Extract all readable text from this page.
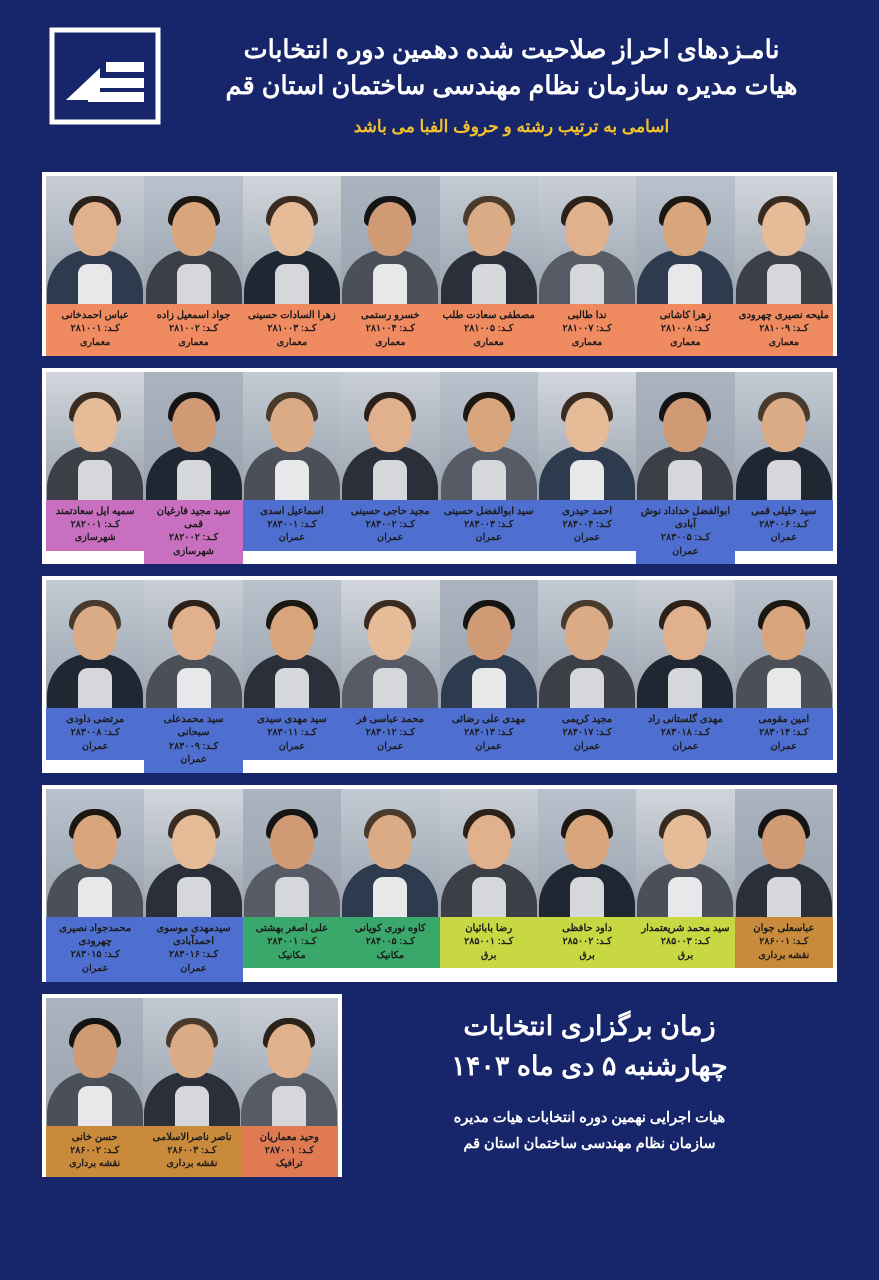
نامـزدهای احراز صلاحیت شده دهمین دوره انتخابات
هیات مدیره سازمان نظام مهندسی ساختمان استان قم
اسامی به ترتیب رشته و حروف الفبا می باشد
عباس احمدخانی
کـد: ۲۸۱۰۰۱
معماری
جواد اسمعیل زاده
کـد: ۲۸۱۰۰۲
معماری
زهرا السادات حسینی
کـد: ۲۸۱۰۰۳
معماری
خسرو رستمی
کـد: ۲۸۱۰۰۴
معماری
مصطفی سعادت طلب
کـد: ۲۸۱۰۰۵
معماری
ندا طالبی
کـد: ۲۸۱۰۰۷
معماری
زهرا کاشانی
کـد: ۲۸۱۰۰۸
معماری
ملیحه نصیری چهرودی
کـد: ۲۸۱۰۰۹
معماری
سمیه ایل سعادتمند
کـد: ۲۸۲۰۰۱
شهرسازی
سید مجید فارغیان قمی
کـد: ۲۸۲۰۰۲
شهرسازی
اسماعیل اسدی
کـد: ۲۸۳۰۰۱
عمران
مجید حاجی حسینی
کـد: ۲۸۳۰۰۲
عمران
سید ابوالفضل حسینی
کـد: ۲۸۳۰۰۳
عمران
احمد حیدری
کـد: ۲۸۳۰۰۴
عمران
ابوالفضل خداداد نوش آبادی
کـد: ۲۸۳۰۰۵
عمران
سید خلیلی قمی
کـد: ۲۸۳۰۰۶
عمران
مرتضی داودی
کـد: ۲۸۳۰۰۸
عمران
سید محمدعلی سبحانی
کـد: ۲۸۳۰۰۹
عمران
سید مهدی سیدی
کـد: ۲۸۳۰۱۱
عمران
محمد عباسی فر
کـد: ۲۸۳۰۱۲
عمران
مهدی علی رضائی
کـد: ۲۸۳۰۱۳
عمران
مجید کریمی
کـد: ۲۸۳۰۱۷
عمران
مهدی گلستانی راد
کـد: ۲۸۳۰۱۸
عمران
امین مقومی
کـد: ۲۸۳۰۱۴
عمران
محمدجواد نصیری چهرودی
کـد: ۲۸۳۰۱۵
عمران
سیدمهدی موسوی احمدآبادی
کـد: ۲۸۳۰۱۶
عمران
علی اصغر بهشتی
کـد: ۲۸۴۰۰۱
مکانیک
کاوه نوری کویانی
کـد: ۲۸۴۰۰۵
مکانیک
رضا بابائیان
کـد: ۲۸۵۰۰۱
برق
داود حافظی
کـد: ۲۸۵۰۰۲
برق
سید محمد شریعتمدار
کـد: ۲۸۵۰۰۳
برق
عباسعلی جوان
کـد: ۲۸۶۰۰۱
نقشه برداری
حسن خانی
کـد: ۲۸۶۰۰۲
نقشه برداری
ناصر ناصرالاسلامی
کـد: ۲۸۶۰۰۳
نقشه برداری
وحید معماریان
کـد: ۲۸۷۰۰۱
ترافیک
زمان برگزاری انتخابات
چهارشنبه ۵ دی ماه ۱۴۰۳
هیات اجرایی نهمین دوره انتخابات هیات مدیره
سازمان نظام مهندسی ساختمان استان قم
